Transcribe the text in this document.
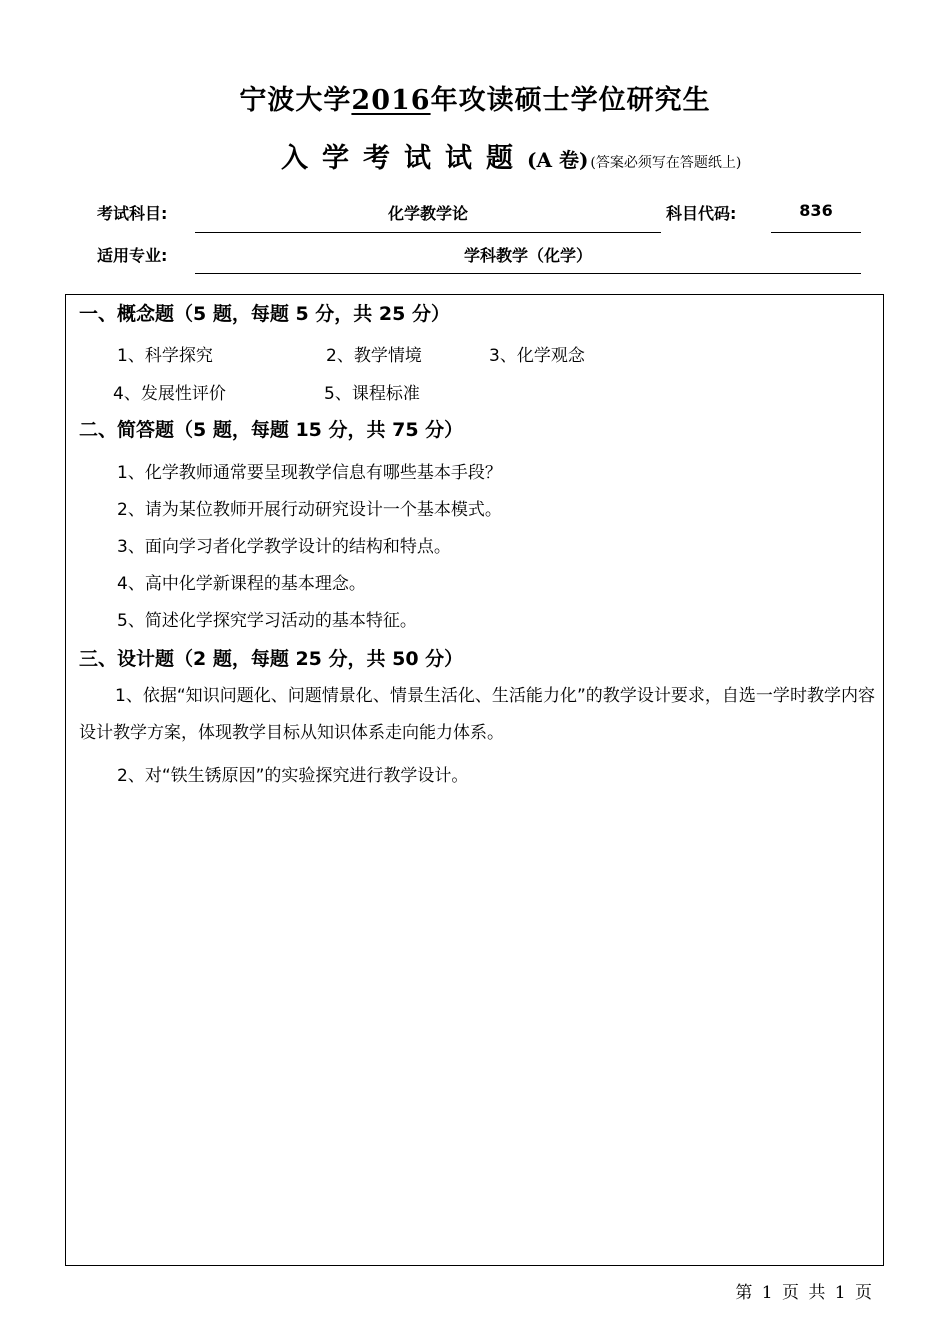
宁波大学2016年攻读硕士学位研究生
入学考试试题(A 卷) (答案必须写在答题纸上)
考试科目:	化学教学论	科目代码:	836
适用专业:	学科教学（化学）
一、概念题（5 题，每题 5 分，共 25 分）
1、科学探究	2、教学情境	3、化学观念
4、发展性评价	5、课程标准
二、简答题（5 题，每题 15 分，共 75 分）
1、化学教师通常要呈现教学信息有哪些基本手段？
2、请为某位教师开展行动研究设计一个基本模式。
3、面向学习者化学教学设计的结构和特点。
4、高中化学新课程的基本理念。
5、简述化学探究学习活动的基本特征。
三、设计题（2 题，每题 25 分，共 50 分）
1、依据“知识问题化、问题情景化、情景生活化、生活能力化”的教学设计要求，自选一学时教学内容设计教学方案，体现教学目标从知识体系走向能力体系。
2、对“铁生锈原因”的实验探究进行教学设计。
第 1 页 共 1 页
